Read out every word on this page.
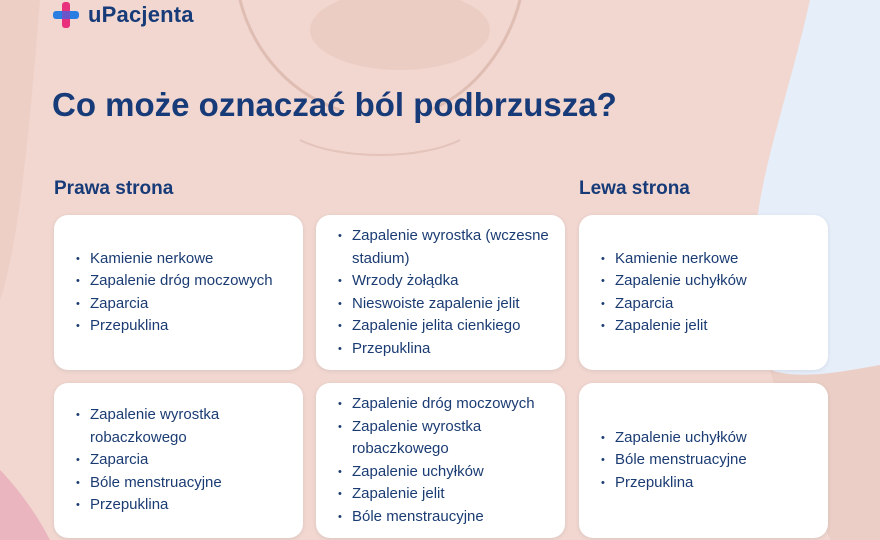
uPacjenta
Co może oznaczać ból podbrzusza?
Prawa strona	Lewa strona
• Kamienie nerkowe
• Zapalenie dróg moczowych
• Zaparcia
• Przepuklina
• Zapalenie wyrostka (wczesne stadium)
• Wrzody żołądka
• Nieswoiste zapalenie jelit
• Zapalenie jelita cienkiego
• Przepuklina
• Kamienie nerkowe
• Zapalenie uchyłków
• Zaparcia
• Zapalenie jelit
• Zapalenie wyrostka robaczkowego
• Zaparcia
• Bóle menstruacyjne
• Przepuklina
• Zapalenie dróg moczowych
• Zapalenie wyrostka robaczkowego
• Zapalenie uchyłków
• Zapalenie jelit
• Bóle menstraucyjne
• Zapalenie uchyłków
• Bóle menstruacyjne
• Przepuklina
